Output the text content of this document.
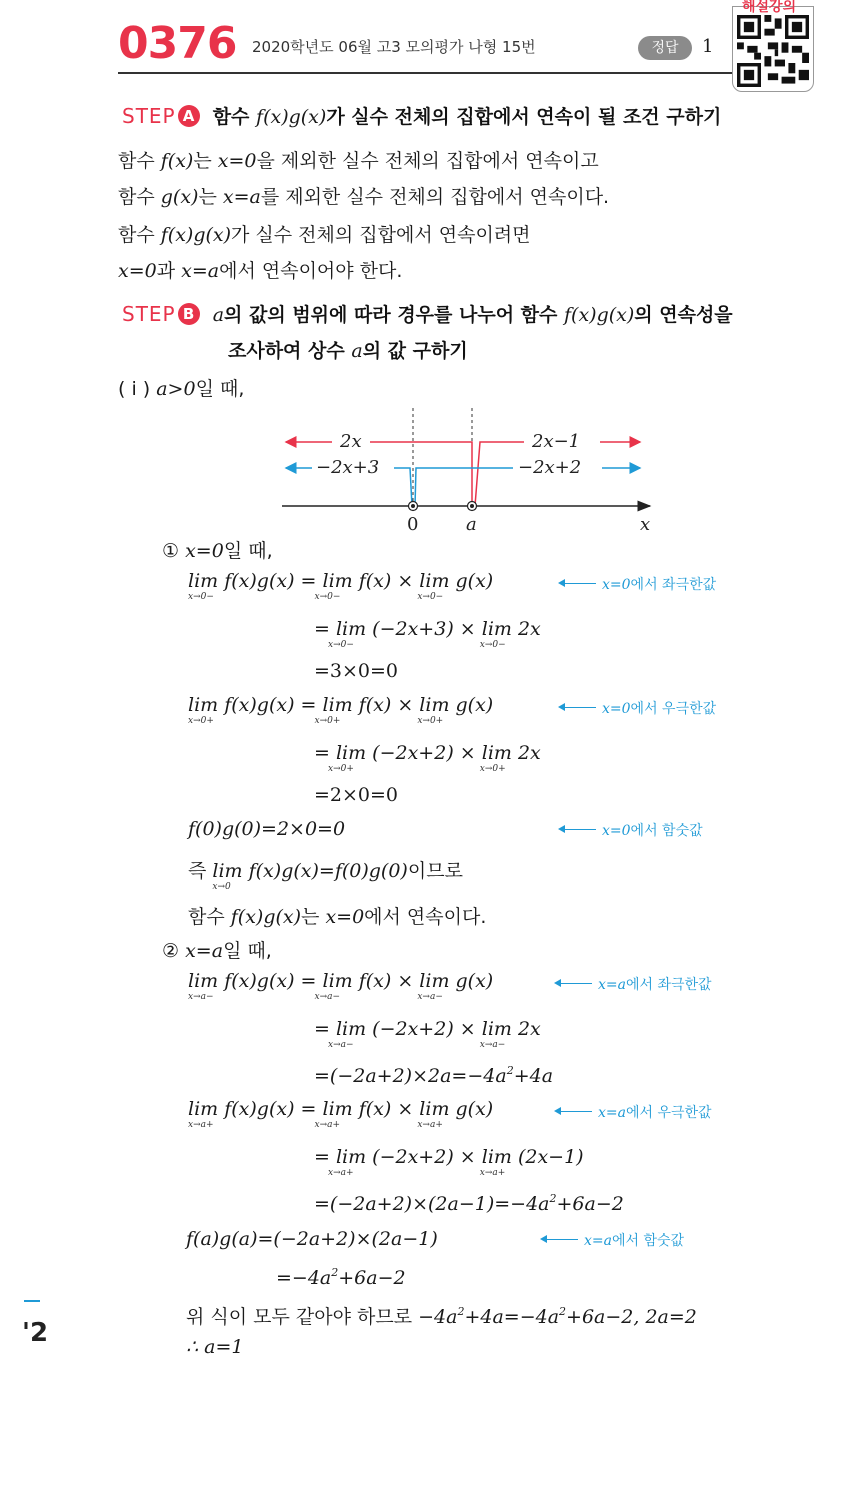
0376 2020학년도 06월 고3 모의평가 나형 15번	정답	1
해설강의
STEP A 함수 f(x)g(x)가 실수 전체의 집합에서 연속이 될 조건 구하기
함수 f(x)는 x=0을 제외한 실수 전체의 집합에서 연속이고
함수 g(x)는 x=a를 제외한 실수 전체의 집합에서 연속이다.
함수 f(x)g(x)가 실수 전체의 집합에서 연속이려면
x=0과 x=a에서 연속이어야 한다.
STEP B a의 값의 범위에 따라 경우를 나누어 함수 f(x)g(x)의 연속성을
조사하여 상수 a의 값 구하기
( i ) a>0일 때,
2x	2x−1
−2x+3	−2x+2
0	a	x
① x=0일 때,
lim f(x)g(x)
x→0−
= lim f(x)
x→0−
× lim g(x)
x→0−
= lim (−2x+3)
x→0−
× lim 2x
x→0−
=3×0=0
lim f(x)g(x)
x→0+
= lim f(x)
x→0+
× lim g(x)
x→0+
= lim (−2x+2)
x→0+
× lim 2x
x→0+
=2×0=0
f(0)g(0)=2×0=0
즉 lim f(x)g(x)
x→0
=f(0)g(0)이므로
함수 f(x)g(x)는 x=0에서 연속이다.
x=0에서 좌극한값
x=0에서 우극한값
x=0에서 함숫값
② x=a일 때,
lim f(x)g(x)
x→a−
= lim f(x)
x→a−
× lim g(x)
x→a−
= lim (−2x+2)
x→a−
× lim 2x
x→a−
$=(-2a+2)\times 2a=-4a^2+4a$
lim f(x)g(x)
x→a+
= lim f(x)
x→a+
× lim g(x)
x→a+
= lim (−2x+2)
x→a+
× lim (2x−1)
x→a+
$=(-2a+2)\times(2a-1)=-4a^2+6a-2$
f(a)g(a)=(−2a+2)×(2a−1)
$=-4a^2+6a-2$
위 식이 모두 같아야 하므로 $-4a^2+4a=-4a^2+6a-2$, 2a=2
∴ a=1
x=a에서 좌극한값
x=a에서 우극한값
x=a에서 함숫값
'2
